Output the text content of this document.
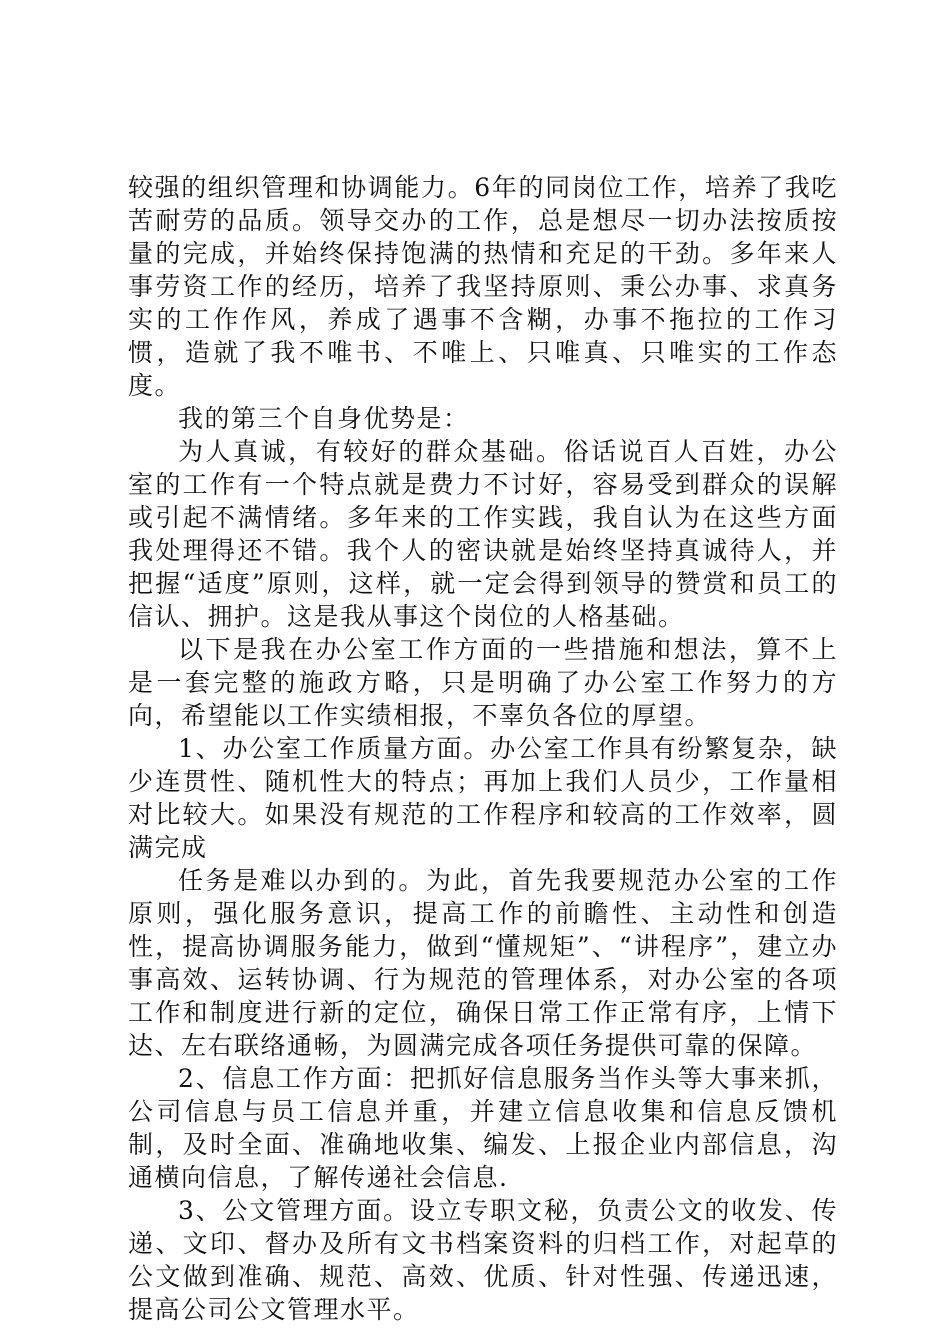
较强的组织管理和协调能力。6年的同岗位工作，培养了我吃苦耐劳的品质。领导交办的工作，总是想尽一切办法按质按量的完成，并始终保持饱满的热情和充足的干劲。多年来人事劳资工作的经历，培养了我坚持原则、秉公办事、求真务实的工作作风，养成了遇事不含糊，办事不拖拉的工作习惯，造就了我不唯书、不唯上、只唯真、只唯实的工作态度。

我的第三个自身优势是：

为人真诚，有较好的群众基础。俗话说百人百姓，办公室的工作有一个特点就是费力不讨好，容易受到群众的误解或引起不满情绪。多年来的工作实践，我自认为在这些方面我处理得还不错。我个人的密诀就是始终坚持真诚待人，并把握“适度”原则，这样，就一定会得到领导的赞赏和员工的信认、拥护。这是我从事这个岗位的人格基础。

以下是我在办公室工作方面的一些措施和想法，算不上是一套完整的施政方略，只是明确了办公室工作努力的方向，希望能以工作实绩相报，不辜负各位的厚望。

1、办公室工作质量方面。办公室工作具有纷繁复杂，缺少连贯性、随机性大的特点；再加上我们人员少，工作量相对比较大。如果没有规范的工作程序和较高的工作效率，圆满完成

任务是难以办到的。为此，首先我要规范办公室的工作原则，强化服务意识，提高工作的前瞻性、主动性和创造性，提高协调服务能力，做到“懂规矩”、“讲程序”，建立办事高效、运转协调、行为规范的管理体系，对办公室的各项工作和制度进行新的定位，确保日常工作正常有序，上情下达、左右联络通畅，为圆满完成各项任务提供可靠的保障。

2、信息工作方面：把抓好信息服务当作头等大事来抓，公司信息与员工信息并重，并建立信息收集和信息反馈机制，及时全面、准确地收集、编发、上报企业内部信息，沟通横向信息，了解传递社会信息.

3、公文管理方面。设立专职文秘，负责公文的收发、传递、文印、督办及所有文书档案资料的归档工作，对起草的公文做到准确、规范、高效、优质、针对性强、传递迅速，提高公司公文管理水平。
